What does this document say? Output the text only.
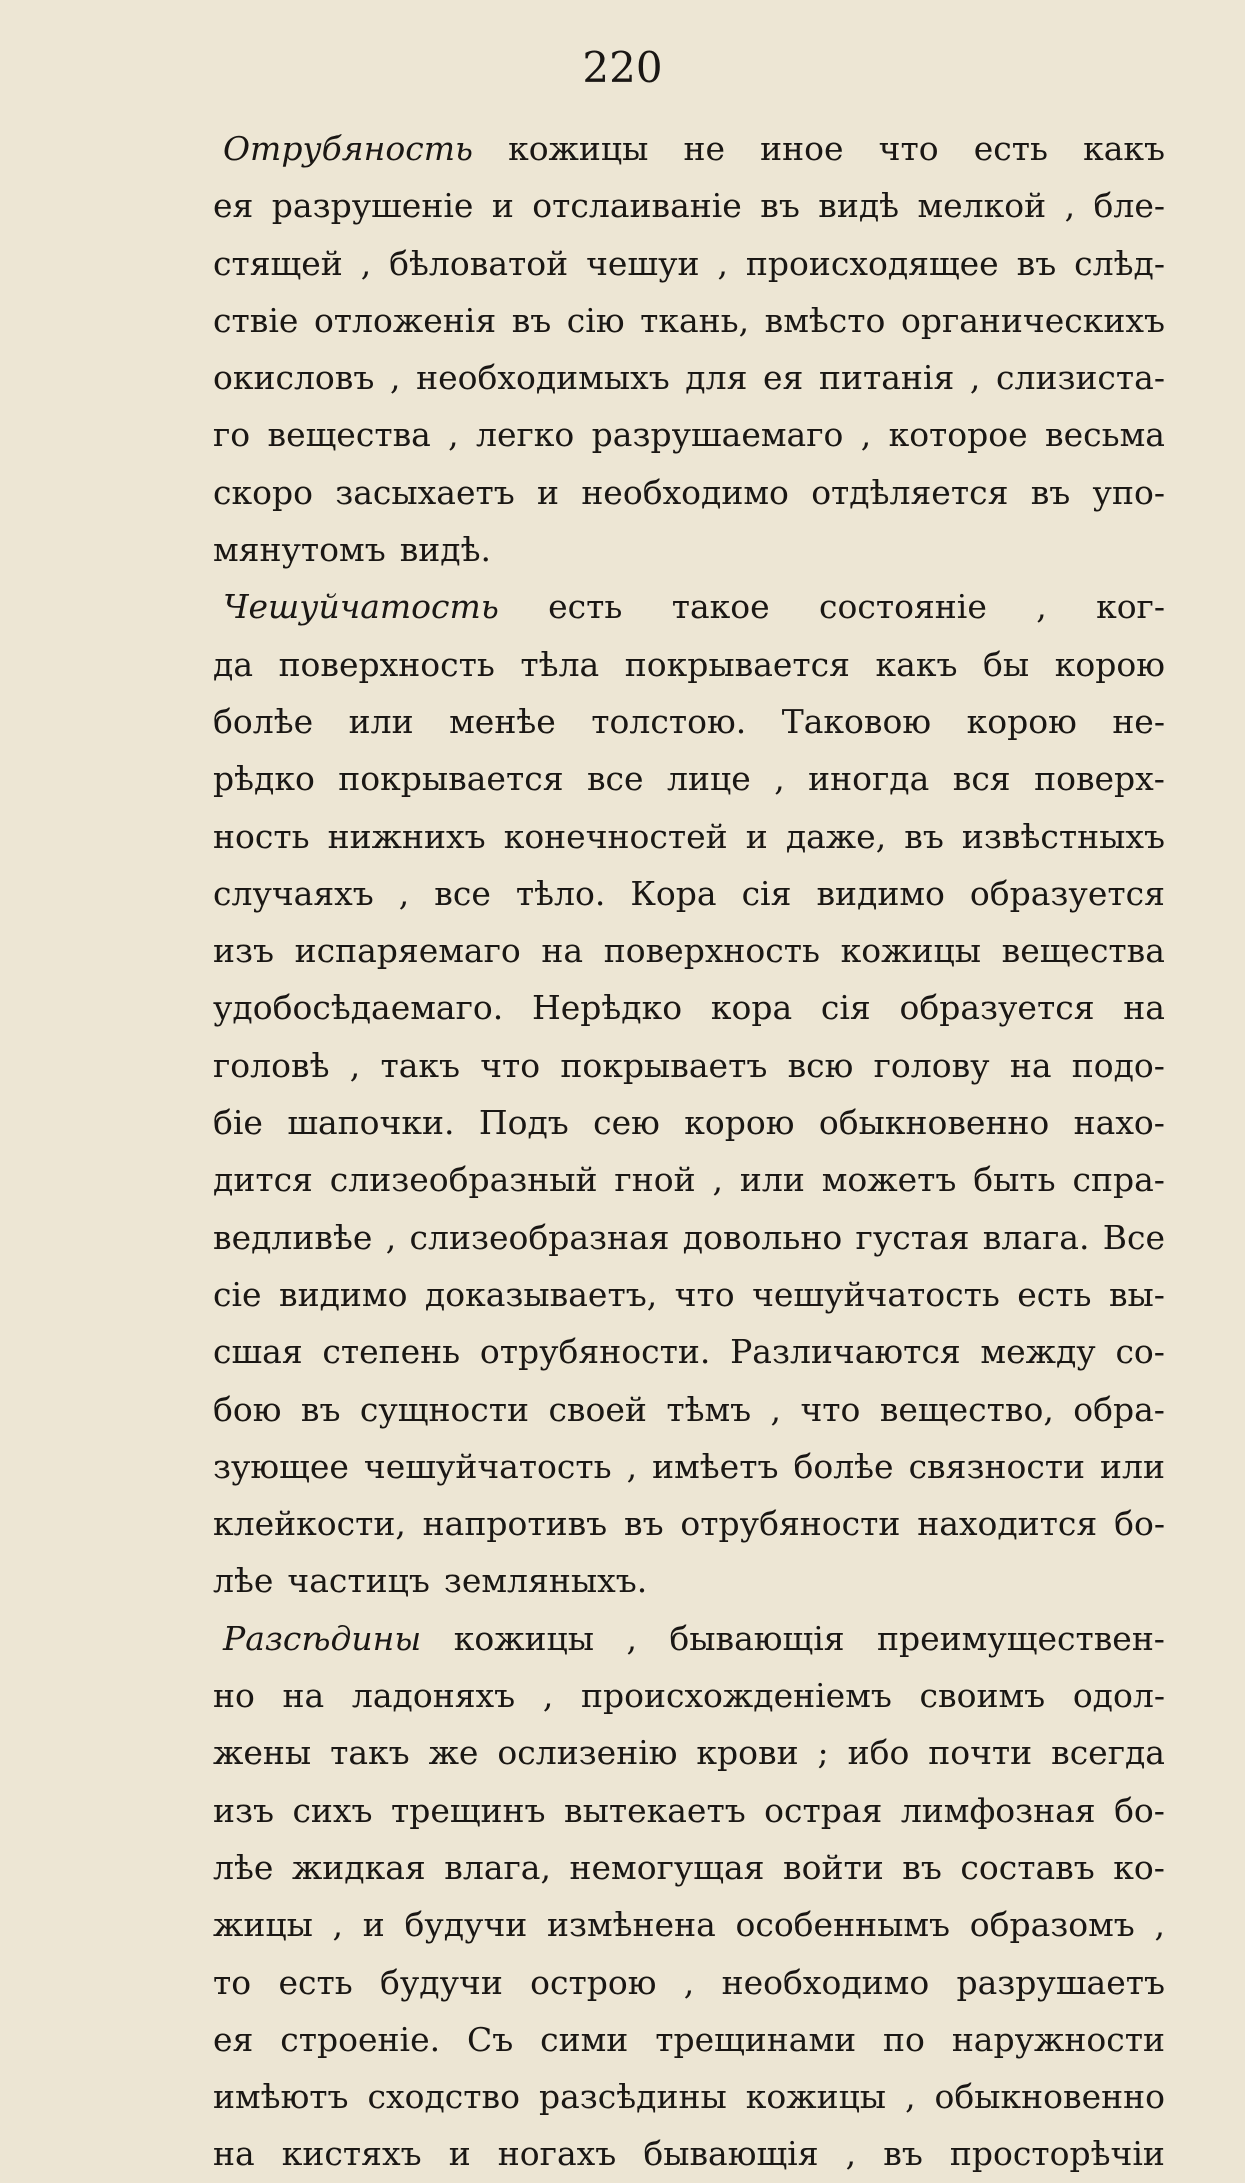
220
Отрубяность кожицы не иное что есть какъ
ея разрушеніе и отслаиваніе въ видѣ мелкой , бле-
стящей , бѣловатой чешуи , происходящее въ слѣд-
ствіе отложенія въ сію ткань, вмѣсто органическихъ
окисловъ , необходимыхъ для ея питанія , слизиста-
го вещества , легко разрушаемаго , которое весьма
скоро засыхаетъ и необходимо отдѣляется въ упо-
мянутомъ видѣ.
Чешуйчатость есть такое состояніе , ког-
да поверхность тѣла покрывается какъ бы корою
болѣе или менѣе толстою. Таковою корою не-
рѣдко покрывается все лице , иногда вся поверх-
ность нижнихъ конечностей и даже, въ извѣстныхъ
случаяхъ , все тѣло. Кора сія видимо образуется
изъ испаряемаго на поверхность кожицы вещества
удобосѣдаемаго. Нерѣдко кора сія образуется на
головѣ , такъ что покрываетъ всю голову на подо-
біе шапочки. Подъ сею корою обыкновенно нахо-
дится слизеобразный гной , или можетъ быть спра-
ведливѣе , слизеобразная довольно густая влага. Все
сіе видимо доказываетъ, что чешуйчатость есть вы-
сшая степень отрубяности. Различаются между со-
бою въ сущности своей тѣмъ , что вещество, обра-
зующее чешуйчатость , имѣетъ болѣе связности или
клейкости, напротивъ въ отрубяности находится бо-
лѣе частицъ земляныхъ.
Разсѣдины кожицы , бывающія преимуществен-
но на ладоняхъ , происхожденіемъ своимъ одол-
жены такъ же ослизенію крови ; ибо почти всегда
изъ сихъ трещинъ вытекаетъ острая лимфозная бо-
лѣе жидкая влага, немогущая войти въ составъ ко-
жицы , и будучи измѣнена особеннымъ образомъ ,
то есть будучи острою , необходимо разрушаетъ
ея строеніе. Съ сими трещинами по наружности
имѣютъ сходство разсѣдины кожицы , обыкновенно
на кистяхъ и ногахъ бывающія , въ просторѣчіи
